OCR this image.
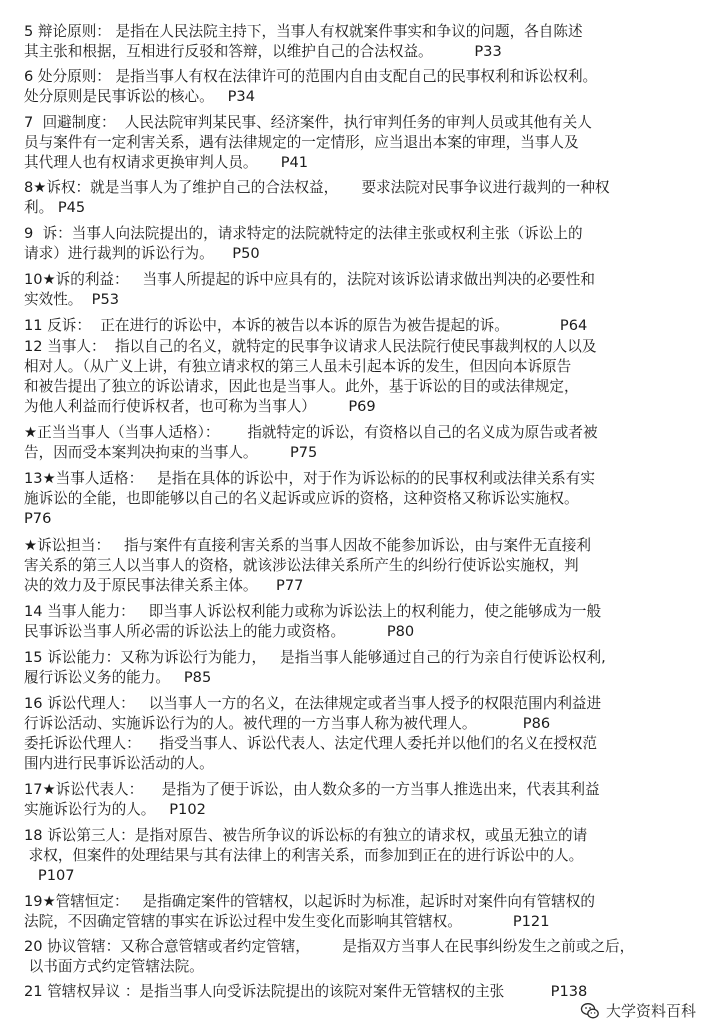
5 辩论原则： 是指在人民法院主持下，当事人有权就案件事实和争议的问题，各自陈述
其主张和根据，互相进行反驳和答辩，以维护自己的合法权益。         P33
6 处分原则： 是指当事人有权在法律许可的范围内自由支配自己的民事权利和诉讼权利。
处分原则是民事诉讼的核心。   P34
7  回避制度：  人民法院审判某民事、经济案件，执行审判任务的审判人员或其他有关人
员与案件有一定利害关系，遇有法律规定的一定情形，应当退出本案的审理，当事人及
其代理人也有权请求更换审判人员。     P41
8★诉权：就是当事人为了维护自己的合法权益，     要求法院对民事争议进行裁判的一种权
利。 P45
9  诉：当事人向法院提出的，请求特定的法院就特定的法律主张或权利主张（诉讼上的
请求）进行裁判的诉讼行为。    P50
10★诉的利益：   当事人所提起的诉中应具有的，法院对该诉讼请求做出判决的必要性和
实效性。  P53
11 反诉：  正在进行的诉讼中，本诉的被告以本诉的原告为被告提起的诉。           P64
12 当事人：  指以自己的名义，就特定的民事争议请求人民法院行使民事裁判权的人以及
相对人。（从广义上讲，有独立请求权的第三人虽未引起本诉的发生，但因向本诉原告
和被告提出了独立的诉讼请求，因此也是当事人。此外，基于诉讼的目的或法律规定，
为他人利益而行使诉权者，也可称为当事人）       P69
★正当当事人（当事人适格）：      指就特定的诉讼，有资格以自己的名义成为原告或者被
告，因而受本案判决拘束的当事人。       P75
13★当事人适格：   是指在具体的诉讼中，对于作为诉讼标的的民事权利或法律关系有实
施诉讼的全能，也即能够以自己的名义起诉或应诉的资格，这种资格又称诉讼实施权。
P76
★诉讼担当：   指与案件有直接利害关系的当事人因故不能参加诉讼，由与案件无直接利
害关系的第三人以当事人的资格，就该涉讼法律关系所产生的纠纷行使诉讼实施权，判
决的效力及于原民事法律关系主体。    P77
14 当事人能力：   即当事人诉讼权利能力或称为诉讼法上的权利能力，使之能够成为一般
民事诉讼当事人所必需的诉讼法上的能力或资格。         P80
15 诉讼能力：又称为诉讼行为能力，   是指当事人能够通过自己的行为亲自行使诉讼权利,
履行诉讼义务的能力。   P85
16 诉讼代理人：   以当事人一方的名义，在法律规定或者当事人授予的权限范围内利益进
行诉讼活动、实施诉讼行为的人。被代理的一方当事人称为被代理人。          P86
委托诉讼代理人：    指受当事人、诉讼代表人、法定代理人委托并以他们的名义在授权范
围内进行民事诉讼活动的人。
17★诉讼代表人：    是指为了便于诉讼，由人数众多的一方当事人推选出来，代表其利益
实施诉讼行为的人。   P102
18 诉讼第三人：是指对原告、被告所争议的诉讼标的有独立的请求权，或虽无独立的请
求权，但案件的处理结果与其有法律上的利害关系，而参加到正在的进行诉讼中的人。
P107
19★管辖恒定：   是指确定案件的管辖权，以起诉时为标准，起诉时对案件向有管辖权的
法院，不因确定管辖的事实在诉讼过程中发生变化而影响其管辖权。           P121
20 协议管辖：又称合意管辖或者约定管辖，       是指双方当事人在民事纠纷发生之前或之后，
以书面方式约定管辖法院。
21 管辖权异议 ：是指当事人向受诉法院提出的该院对案件无管辖权的主张          P138
大学资料百科
